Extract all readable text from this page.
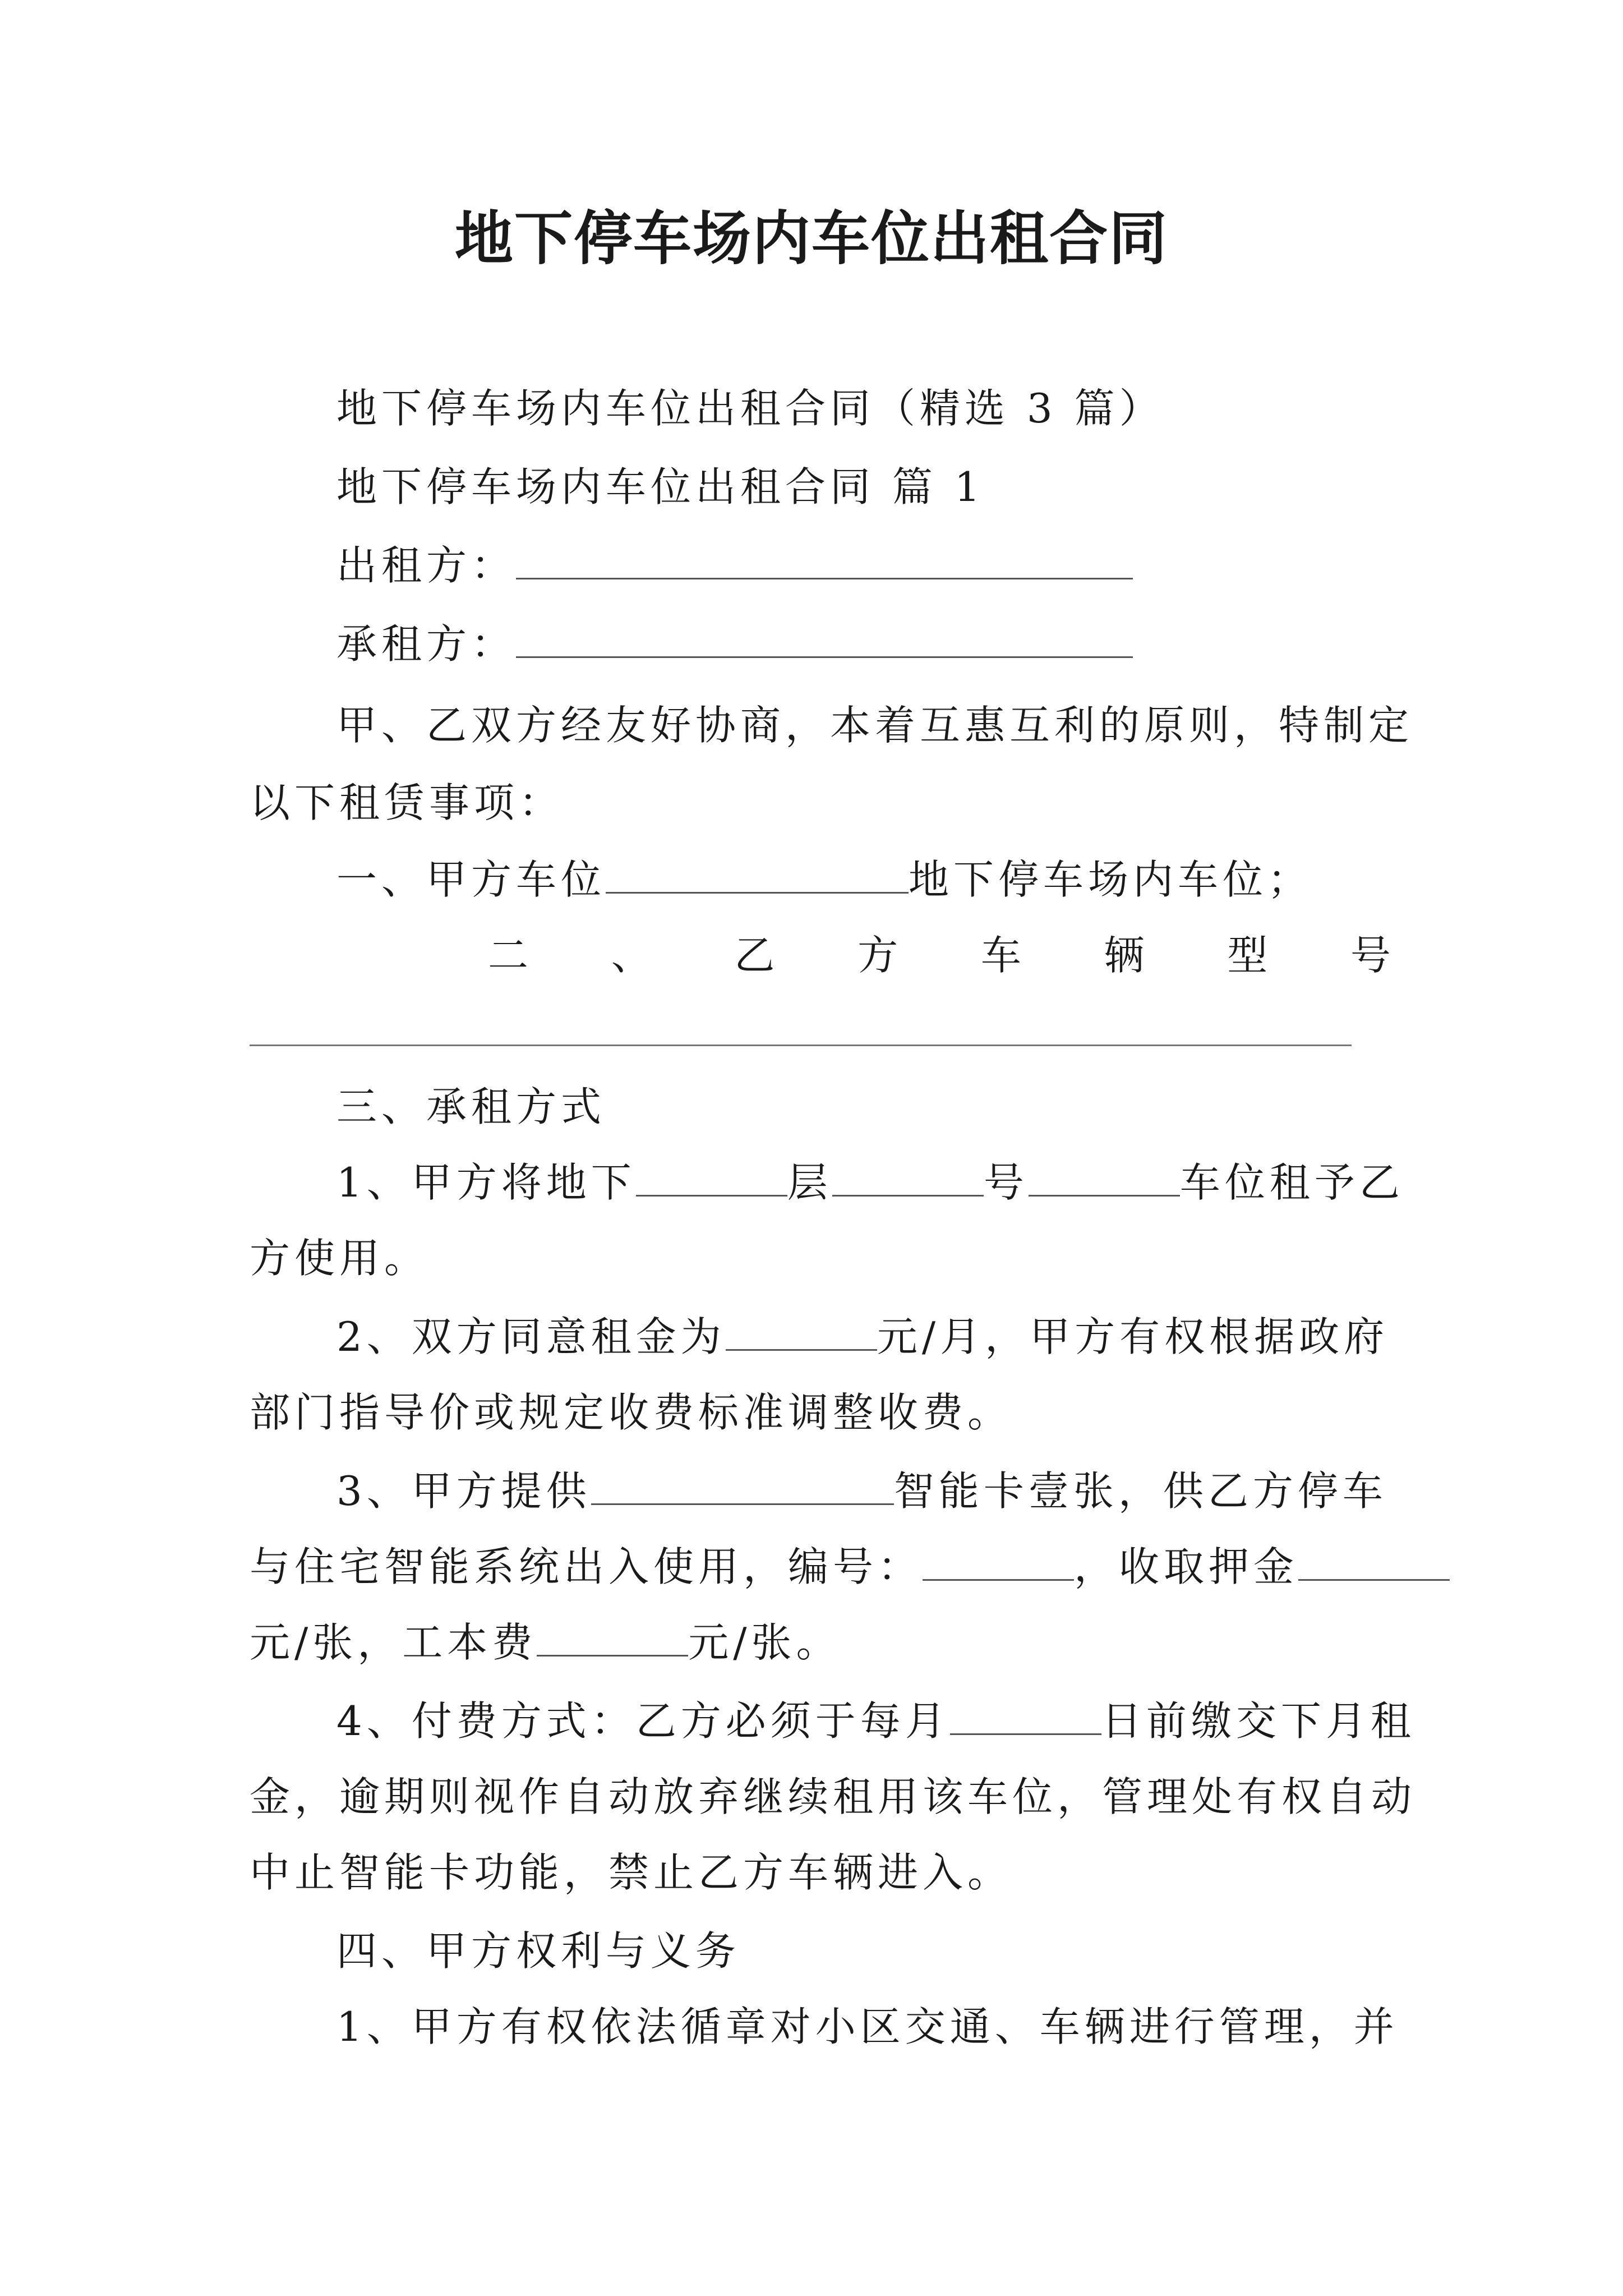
地下停车场内车位出租合同
地下停车场内车位出租合同（精选 3 篇）
地下停车场内车位出租合同 篇 1
出租方：
承租方：
甲、乙双方经友好协商，本着互惠互利的原则，特制定
以下租赁事项：
一、甲方车位	地下停车场内车位；
二 、 乙 方 车 辆 型 号
三、承租方式
1、甲方将地下	层	号	车位租予乙
方使用。
2、双方同意租金为	元/月，甲方有权根据政府
部门指导价或规定收费标准调整收费。
3、甲方提供	智能卡壹张，供乙方停车
与住宅智能系统出入使用，编号：	，收取押金
元/张，工本费	元/张。
4、付费方式：乙方必须于每月	日前缴交下月租
金，逾期则视作自动放弃继续租用该车位，管理处有权自动
中止智能卡功能，禁止乙方车辆进入。
四、甲方权利与义务
1、甲方有权依法循章对小区交通、车辆进行管理，并
